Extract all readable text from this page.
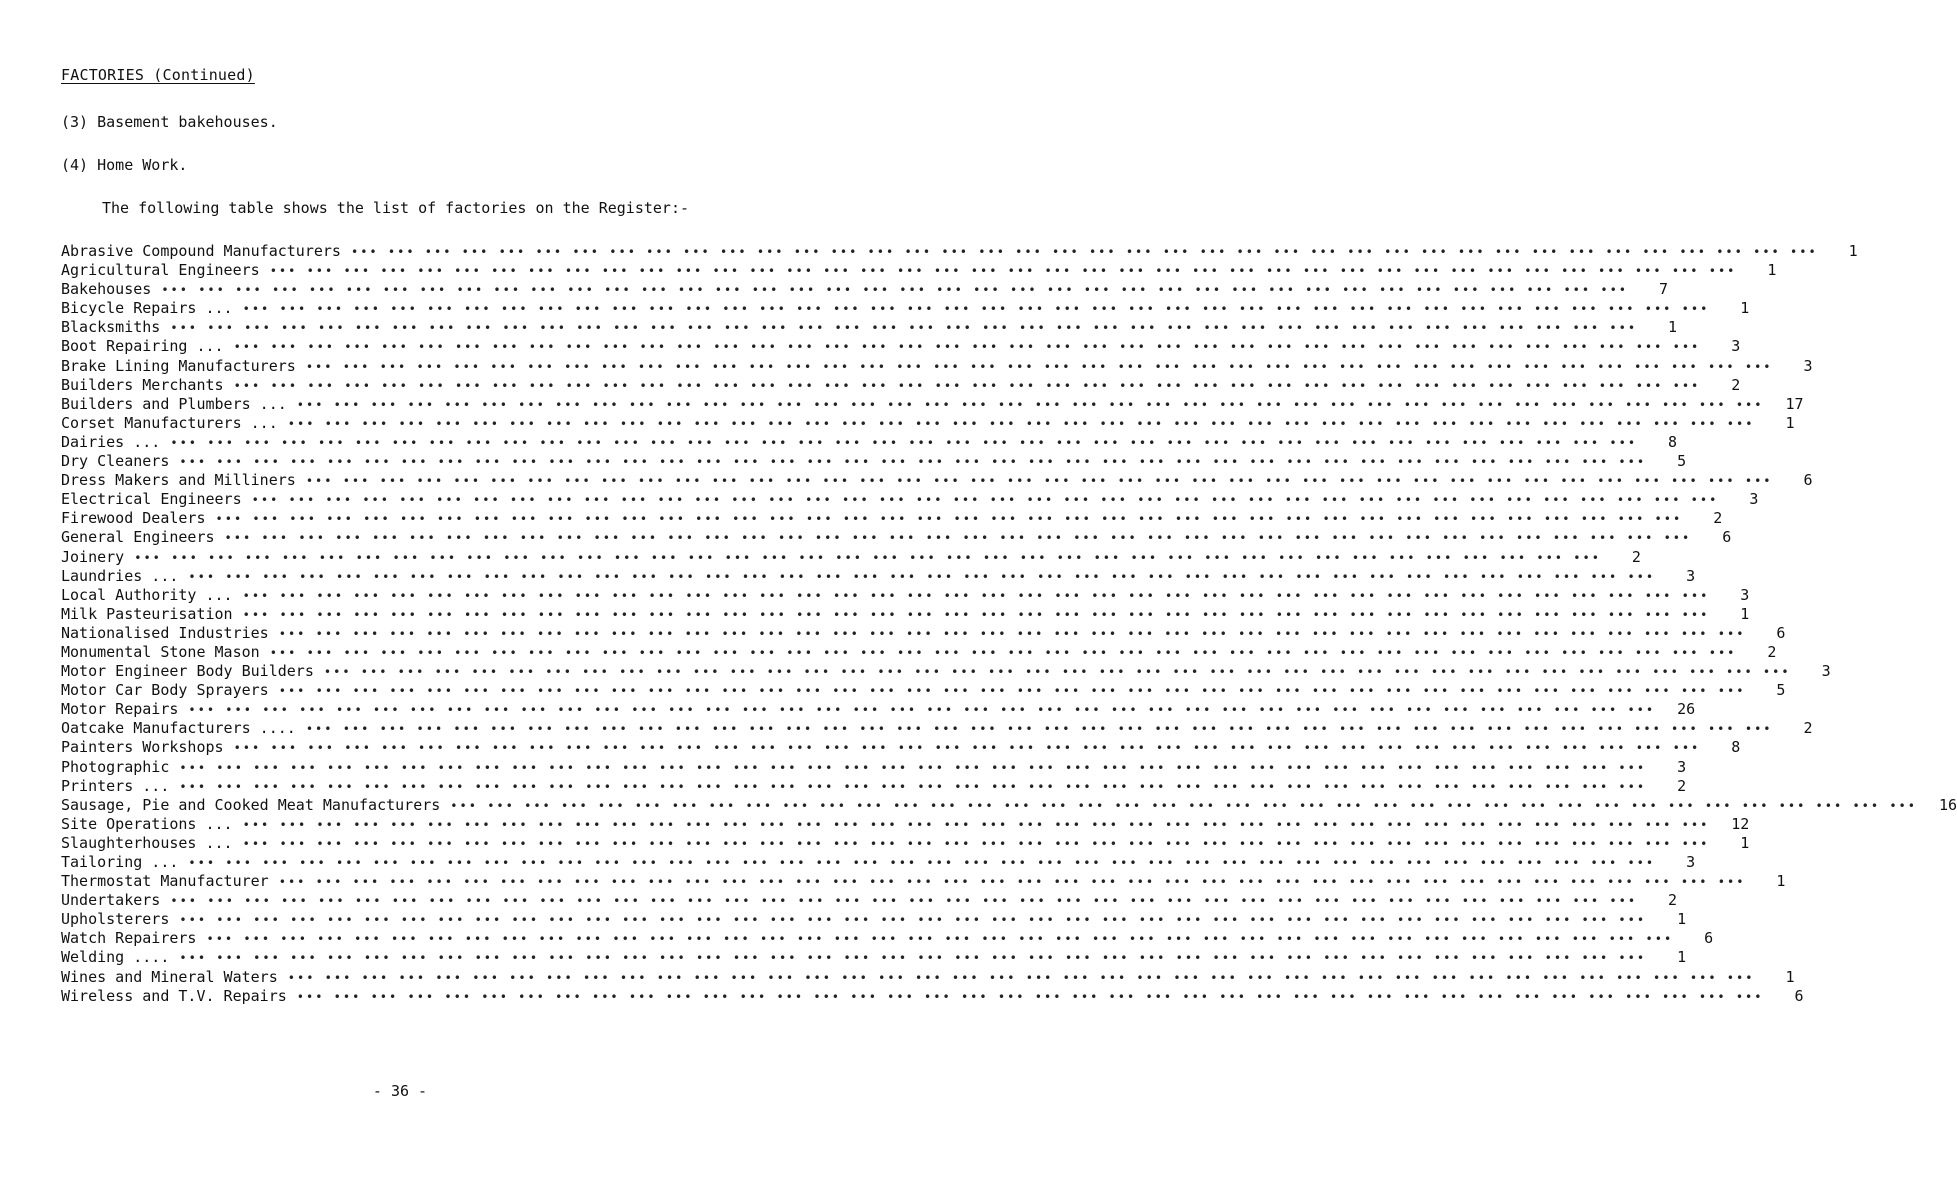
FACTORIES (Continued)
(3) Basement bakehouses.
(4) Home Work.
The following table shows the list of factories on the Register:-
Abrasive Compound Manufacturers ••• ••• ••• ••• ••• ••• ••• ••• ••• ••• ••• ••• ••• ••• ••• ••• ••• ••• ••• ••• ••• ••• ••• ••• ••• ••• ••• ••• ••• ••• ••• ••• ••• ••• ••• ••• ••• ••• ••• •••	1
Agricultural Engineers ••• ••• ••• ••• ••• ••• ••• ••• ••• ••• ••• ••• ••• ••• ••• ••• ••• ••• ••• ••• ••• ••• ••• ••• ••• ••• ••• ••• ••• ••• ••• ••• ••• ••• ••• ••• ••• ••• ••• •••	1
Bakehouses ••• ••• ••• ••• ••• ••• ••• ••• ••• ••• ••• ••• ••• ••• ••• ••• ••• ••• ••• ••• ••• ••• ••• ••• ••• ••• ••• ••• ••• ••• ••• ••• ••• ••• ••• ••• ••• ••• ••• •••	7
Bicycle Repairs ... ••• ••• ••• ••• ••• ••• ••• ••• ••• ••• ••• ••• ••• ••• ••• ••• ••• ••• ••• ••• ••• ••• ••• ••• ••• ••• ••• ••• ••• ••• ••• ••• ••• ••• ••• ••• ••• ••• ••• •••	1
Blacksmiths ••• ••• ••• ••• ••• ••• ••• ••• ••• ••• ••• ••• ••• ••• ••• ••• ••• ••• ••• ••• ••• ••• ••• ••• ••• ••• ••• ••• ••• ••• ••• ••• ••• ••• ••• ••• ••• ••• ••• •••	1
Boot Repairing ... ••• ••• ••• ••• ••• ••• ••• ••• ••• ••• ••• ••• ••• ••• ••• ••• ••• ••• ••• ••• ••• ••• ••• ••• ••• ••• ••• ••• ••• ••• ••• ••• ••• ••• ••• ••• ••• ••• ••• •••	3
Brake Lining Manufacturers ••• ••• ••• ••• ••• ••• ••• ••• ••• ••• ••• ••• ••• ••• ••• ••• ••• ••• ••• ••• ••• ••• ••• ••• ••• ••• ••• ••• ••• ••• ••• ••• ••• ••• ••• ••• ••• ••• ••• •••	3
Builders Merchants ••• ••• ••• ••• ••• ••• ••• ••• ••• ••• ••• ••• ••• ••• ••• ••• ••• ••• ••• ••• ••• ••• ••• ••• ••• ••• ••• ••• ••• ••• ••• ••• ••• ••• ••• ••• ••• ••• ••• •••	2
Builders and Plumbers ... ••• ••• ••• ••• ••• ••• ••• ••• ••• ••• ••• ••• ••• ••• ••• ••• ••• ••• ••• ••• ••• ••• ••• ••• ••• ••• ••• ••• ••• ••• ••• ••• ••• ••• ••• ••• ••• ••• ••• •••	17
Corset Manufacturers ... ••• ••• ••• ••• ••• ••• ••• ••• ••• ••• ••• ••• ••• ••• ••• ••• ••• ••• ••• ••• ••• ••• ••• ••• ••• ••• ••• ••• ••• ••• ••• ••• ••• ••• ••• ••• ••• ••• ••• •••	1
Dairies ... ••• ••• ••• ••• ••• ••• ••• ••• ••• ••• ••• ••• ••• ••• ••• ••• ••• ••• ••• ••• ••• ••• ••• ••• ••• ••• ••• ••• ••• ••• ••• ••• ••• ••• ••• ••• ••• ••• ••• •••	8
Dry Cleaners ••• ••• ••• ••• ••• ••• ••• ••• ••• ••• ••• ••• ••• ••• ••• ••• ••• ••• ••• ••• ••• ••• ••• ••• ••• ••• ••• ••• ••• ••• ••• ••• ••• ••• ••• ••• ••• ••• ••• •••	5
Dress Makers and Milliners ••• ••• ••• ••• ••• ••• ••• ••• ••• ••• ••• ••• ••• ••• ••• ••• ••• ••• ••• ••• ••• ••• ••• ••• ••• ••• ••• ••• ••• ••• ••• ••• ••• ••• ••• ••• ••• ••• ••• •••	6
Electrical Engineers ••• ••• ••• ••• ••• ••• ••• ••• ••• ••• ••• ••• ••• ••• ••• ••• ••• ••• ••• ••• ••• ••• ••• ••• ••• ••• ••• ••• ••• ••• ••• ••• ••• ••• ••• ••• ••• ••• ••• •••	3
Firewood Dealers ••• ••• ••• ••• ••• ••• ••• ••• ••• ••• ••• ••• ••• ••• ••• ••• ••• ••• ••• ••• ••• ••• ••• ••• ••• ••• ••• ••• ••• ••• ••• ••• ••• ••• ••• ••• ••• ••• ••• •••	2
General Engineers ••• ••• ••• ••• ••• ••• ••• ••• ••• ••• ••• ••• ••• ••• ••• ••• ••• ••• ••• ••• ••• ••• ••• ••• ••• ••• ••• ••• ••• ••• ••• ••• ••• ••• ••• ••• ••• ••• ••• •••	6
Joinery ••• ••• ••• ••• ••• ••• ••• ••• ••• ••• ••• ••• ••• ••• ••• ••• ••• ••• ••• ••• ••• ••• ••• ••• ••• ••• ••• ••• ••• ••• ••• ••• ••• ••• ••• ••• ••• ••• ••• •••	2
Laundries ... ••• ••• ••• ••• ••• ••• ••• ••• ••• ••• ••• ••• ••• ••• ••• ••• ••• ••• ••• ••• ••• ••• ••• ••• ••• ••• ••• ••• ••• ••• ••• ••• ••• ••• ••• ••• ••• ••• ••• •••	3
Local Authority ... ••• ••• ••• ••• ••• ••• ••• ••• ••• ••• ••• ••• ••• ••• ••• ••• ••• ••• ••• ••• ••• ••• ••• ••• ••• ••• ••• ••• ••• ••• ••• ••• ••• ••• ••• ••• ••• ••• ••• •••	3
Milk Pasteurisation ••• ••• ••• ••• ••• ••• ••• ••• ••• ••• ••• ••• ••• ••• ••• ••• ••• ••• ••• ••• ••• ••• ••• ••• ••• ••• ••• ••• ••• ••• ••• ••• ••• ••• ••• ••• ••• ••• ••• •••	1
Nationalised Industries ••• ••• ••• ••• ••• ••• ••• ••• ••• ••• ••• ••• ••• ••• ••• ••• ••• ••• ••• ••• ••• ••• ••• ••• ••• ••• ••• ••• ••• ••• ••• ••• ••• ••• ••• ••• ••• ••• ••• •••	6
Monumental Stone Mason ••• ••• ••• ••• ••• ••• ••• ••• ••• ••• ••• ••• ••• ••• ••• ••• ••• ••• ••• ••• ••• ••• ••• ••• ••• ••• ••• ••• ••• ••• ••• ••• ••• ••• ••• ••• ••• ••• ••• •••	2
Motor Engineer Body Builders ••• ••• ••• ••• ••• ••• ••• ••• ••• ••• ••• ••• ••• ••• ••• ••• ••• ••• ••• ••• ••• ••• ••• ••• ••• ••• ••• ••• ••• ••• ••• ••• ••• ••• ••• ••• ••• ••• ••• •••	3
Motor Car Body Sprayers ••• ••• ••• ••• ••• ••• ••• ••• ••• ••• ••• ••• ••• ••• ••• ••• ••• ••• ••• ••• ••• ••• ••• ••• ••• ••• ••• ••• ••• ••• ••• ••• ••• ••• ••• ••• ••• ••• ••• •••	5
Motor Repairs ••• ••• ••• ••• ••• ••• ••• ••• ••• ••• ••• ••• ••• ••• ••• ••• ••• ••• ••• ••• ••• ••• ••• ••• ••• ••• ••• ••• ••• ••• ••• ••• ••• ••• ••• ••• ••• ••• ••• •••	26
Oatcake Manufacturers .... ••• ••• ••• ••• ••• ••• ••• ••• ••• ••• ••• ••• ••• ••• ••• ••• ••• ••• ••• ••• ••• ••• ••• ••• ••• ••• ••• ••• ••• ••• ••• ••• ••• ••• ••• ••• ••• ••• ••• •••	2
Painters Workshops ••• ••• ••• ••• ••• ••• ••• ••• ••• ••• ••• ••• ••• ••• ••• ••• ••• ••• ••• ••• ••• ••• ••• ••• ••• ••• ••• ••• ••• ••• ••• ••• ••• ••• ••• ••• ••• ••• ••• •••	8
Photographic ••• ••• ••• ••• ••• ••• ••• ••• ••• ••• ••• ••• ••• ••• ••• ••• ••• ••• ••• ••• ••• ••• ••• ••• ••• ••• ••• ••• ••• ••• ••• ••• ••• ••• ••• ••• ••• ••• ••• •••	3
Printers ... ••• ••• ••• ••• ••• ••• ••• ••• ••• ••• ••• ••• ••• ••• ••• ••• ••• ••• ••• ••• ••• ••• ••• ••• ••• ••• ••• ••• ••• ••• ••• ••• ••• ••• ••• ••• ••• ••• ••• •••	2
Sausage, Pie and Cooked Meat Manufacturers ••• ••• ••• ••• ••• ••• ••• ••• ••• ••• ••• ••• ••• ••• ••• ••• ••• ••• ••• ••• ••• ••• ••• ••• ••• ••• ••• ••• ••• ••• ••• ••• ••• ••• ••• ••• ••• ••• ••• •••	16
Site Operations ... ••• ••• ••• ••• ••• ••• ••• ••• ••• ••• ••• ••• ••• ••• ••• ••• ••• ••• ••• ••• ••• ••• ••• ••• ••• ••• ••• ••• ••• ••• ••• ••• ••• ••• ••• ••• ••• ••• ••• •••	12
Slaughterhouses ... ••• ••• ••• ••• ••• ••• ••• ••• ••• ••• ••• ••• ••• ••• ••• ••• ••• ••• ••• ••• ••• ••• ••• ••• ••• ••• ••• ••• ••• ••• ••• ••• ••• ••• ••• ••• ••• ••• ••• •••	1
Tailoring ... ••• ••• ••• ••• ••• ••• ••• ••• ••• ••• ••• ••• ••• ••• ••• ••• ••• ••• ••• ••• ••• ••• ••• ••• ••• ••• ••• ••• ••• ••• ••• ••• ••• ••• ••• ••• ••• ••• ••• •••	3
Thermostat Manufacturer ••• ••• ••• ••• ••• ••• ••• ••• ••• ••• ••• ••• ••• ••• ••• ••• ••• ••• ••• ••• ••• ••• ••• ••• ••• ••• ••• ••• ••• ••• ••• ••• ••• ••• ••• ••• ••• ••• ••• •••	1
Undertakers ••• ••• ••• ••• ••• ••• ••• ••• ••• ••• ••• ••• ••• ••• ••• ••• ••• ••• ••• ••• ••• ••• ••• ••• ••• ••• ••• ••• ••• ••• ••• ••• ••• ••• ••• ••• ••• ••• ••• •••	2
Upholsterers ••• ••• ••• ••• ••• ••• ••• ••• ••• ••• ••• ••• ••• ••• ••• ••• ••• ••• ••• ••• ••• ••• ••• ••• ••• ••• ••• ••• ••• ••• ••• ••• ••• ••• ••• ••• ••• ••• ••• •••	1
Watch Repairers ••• ••• ••• ••• ••• ••• ••• ••• ••• ••• ••• ••• ••• ••• ••• ••• ••• ••• ••• ••• ••• ••• ••• ••• ••• ••• ••• ••• ••• ••• ••• ••• ••• ••• ••• ••• ••• ••• ••• •••	6
Welding .... ••• ••• ••• ••• ••• ••• ••• ••• ••• ••• ••• ••• ••• ••• ••• ••• ••• ••• ••• ••• ••• ••• ••• ••• ••• ••• ••• ••• ••• ••• ••• ••• ••• ••• ••• ••• ••• ••• ••• •••	1
Wines and Mineral Waters ••• ••• ••• ••• ••• ••• ••• ••• ••• ••• ••• ••• ••• ••• ••• ••• ••• ••• ••• ••• ••• ••• ••• ••• ••• ••• ••• ••• ••• ••• ••• ••• ••• ••• ••• ••• ••• ••• ••• •••	1
Wireless and T.V. Repairs ••• ••• ••• ••• ••• ••• ••• ••• ••• ••• ••• ••• ••• ••• ••• ••• ••• ••• ••• ••• ••• ••• ••• ••• ••• ••• ••• ••• ••• ••• ••• ••• ••• ••• ••• ••• ••• ••• ••• •••	6
- 36 -
